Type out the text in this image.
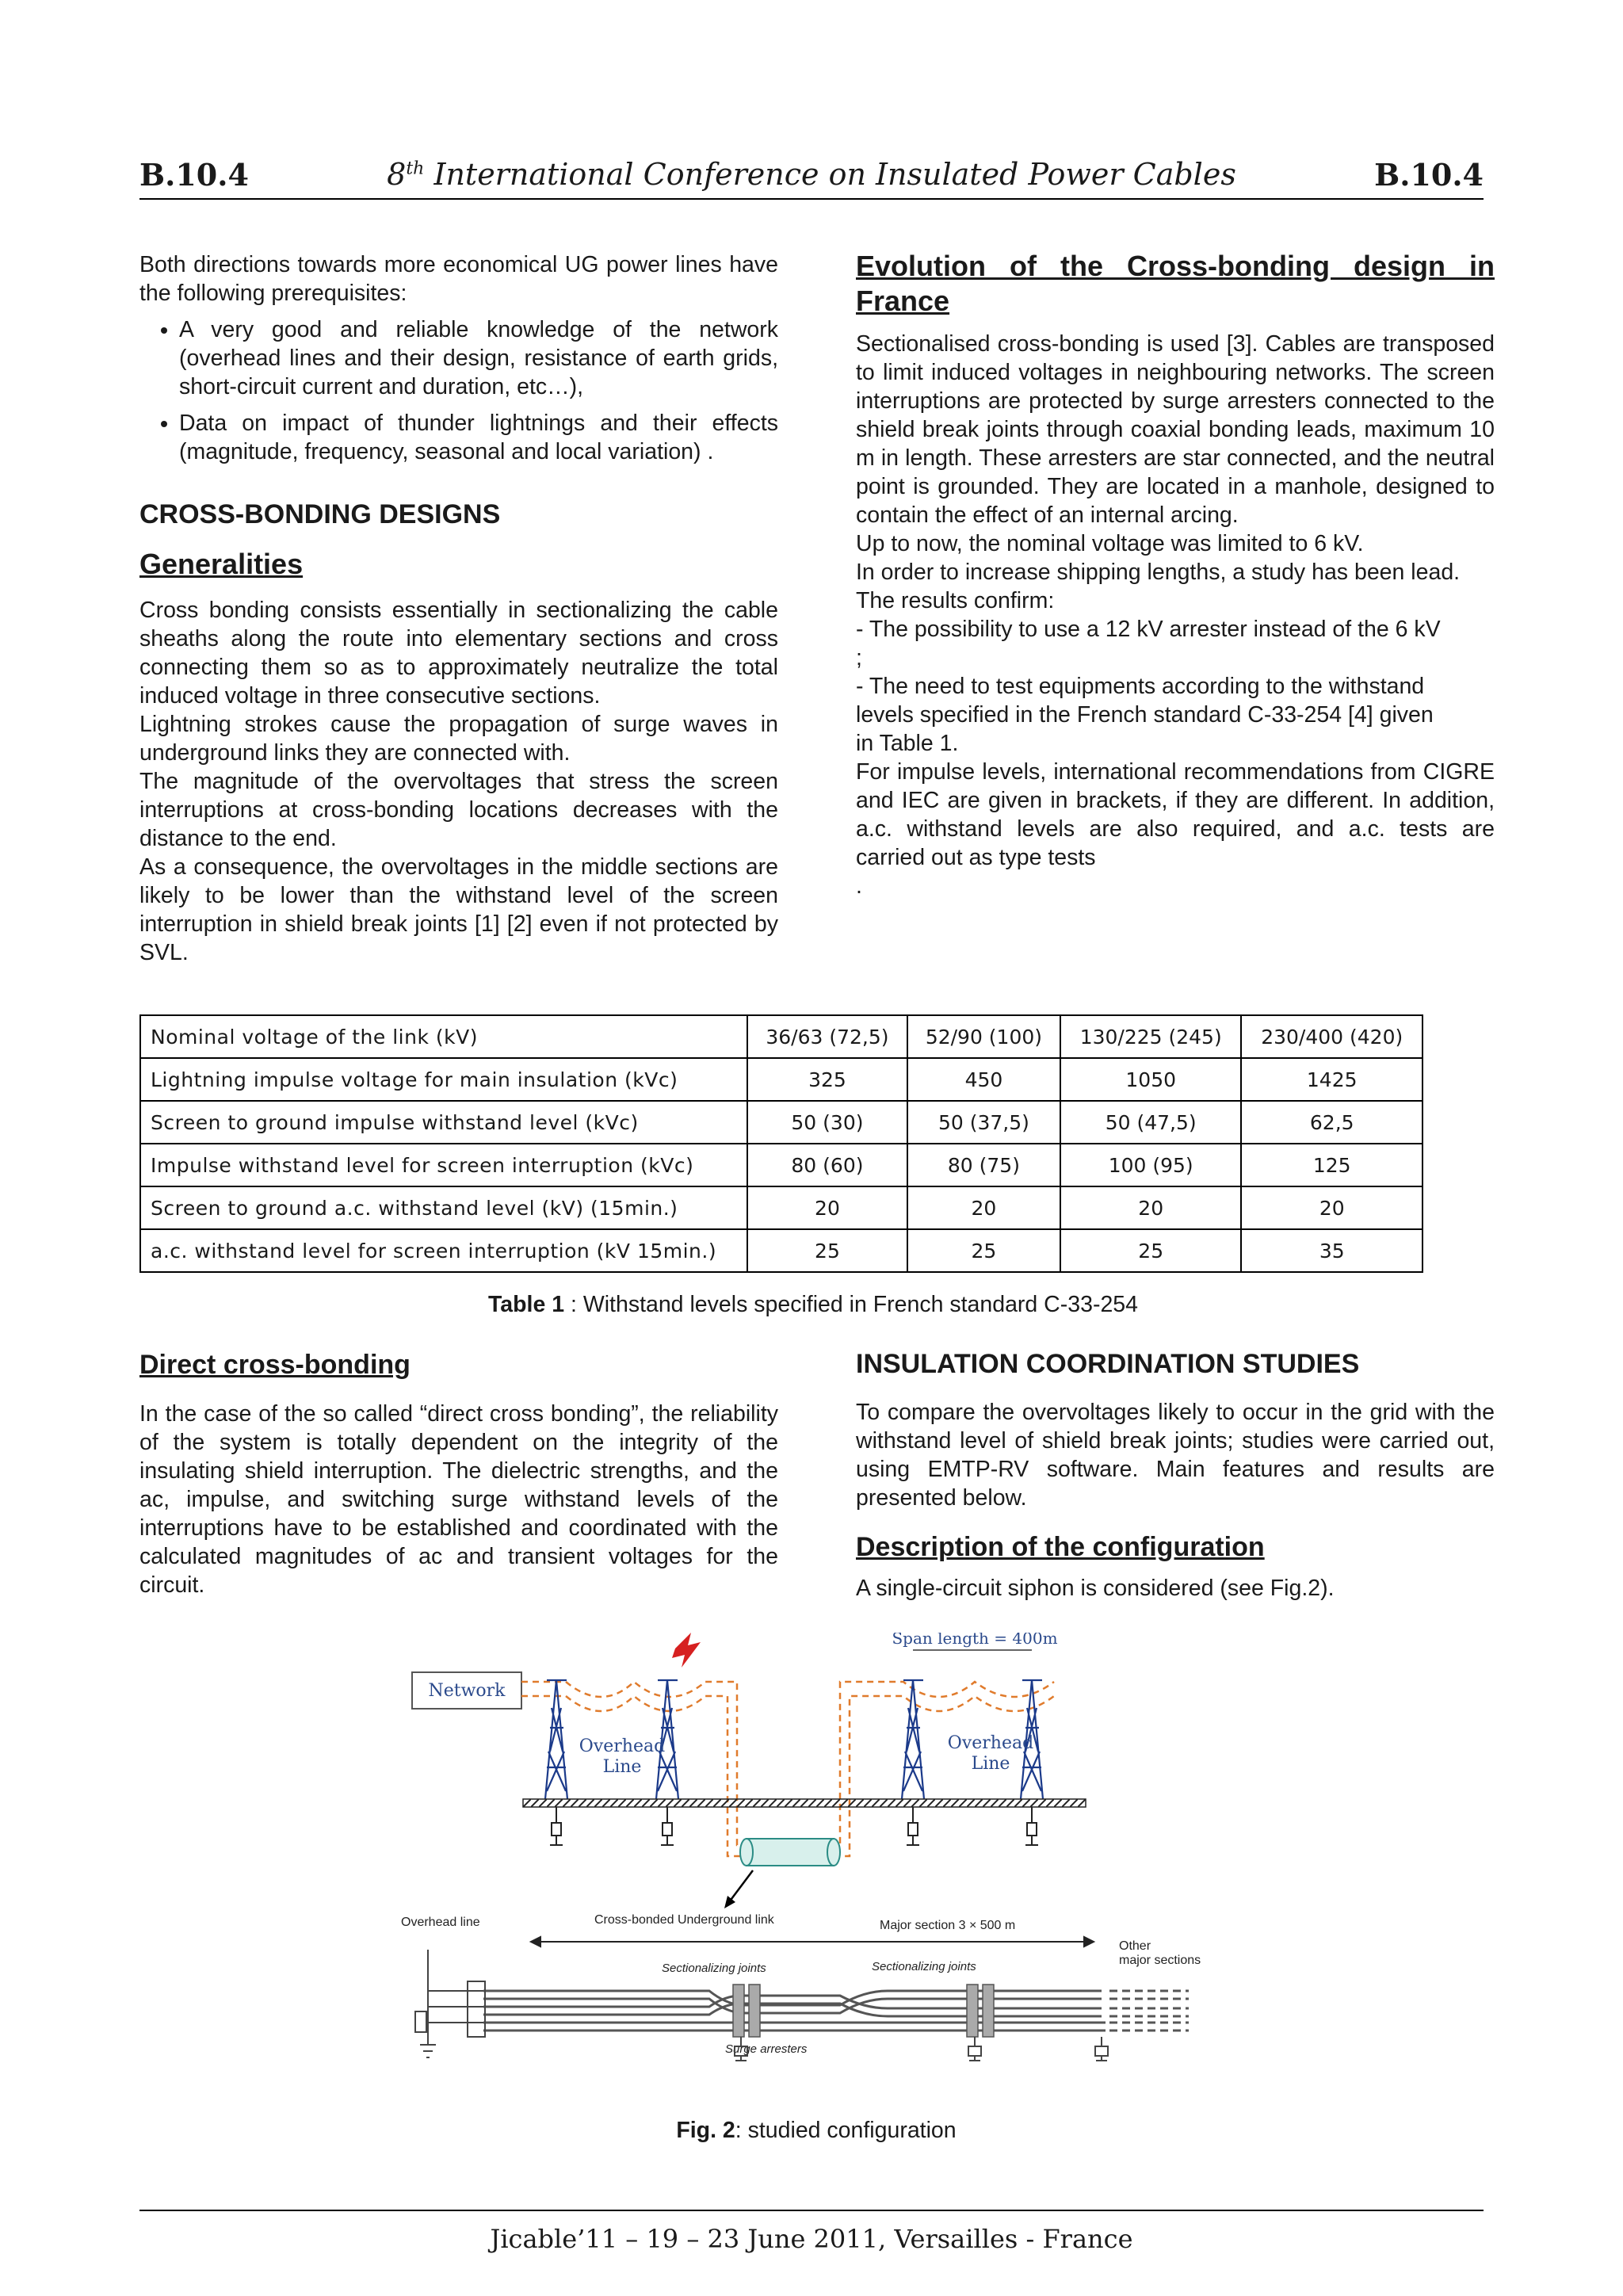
B.10.4	8th International Conference on Insulated Power Cables	B.10.4

Both directions towards more economical UG power lines have the following prerequisites:

• A very good and reliable knowledge of the network (overhead lines and their design, resistance of earth grids, short-circuit current and duration, etc…),
• Data on impact of thunder lightnings and their effects (magnitude, frequency, seasonal and local variation) .

CROSS-BONDING DESIGNS

Generalities

Cross bonding consists essentially in sectionalizing the cable sheaths along the route into elementary sections and cross connecting them so as to approximately neutralize the total induced voltage in three consecutive sections.

Lightning strokes cause the propagation of surge waves in underground links they are connected with.

The magnitude of the overvoltages that stress the screen interruptions at cross-bonding locations decreases with the distance to the end.

As a consequence, the overvoltages in the middle sections are likely to be lower than the withstand level of the screen interruption in shield break joints [1] [2] even if not protected by SVL.

Evolution of the Cross-bonding design in France

Sectionalised cross-bonding is used [3]. Cables are transposed to limit induced voltages in neighbouring networks. The screen interruptions are protected by surge arresters connected to the shield break joints through coaxial bonding leads, maximum 10 m in length. These arresters are star connected, and the neutral point is grounded. They are located in a manhole, designed to contain the effect of an internal arcing.

Up to now, the nominal voltage was limited to 6 kV.

In order to increase shipping lengths, a study has been lead.

The results confirm:

- The possibility to use a 12 kV arrester instead of the 6 kV ;

- The need to test equipments according to the withstand levels specified in the French standard C-33-254 [4] given in Table 1.

For impulse levels, international recommendations from CIGRE and IEC are given in brackets, if they are different. In addition, a.c. withstand levels are also required, and a.c. tests are carried out as type tests

.

Nominal voltage of the link (kV)	36/63 (72,5)	52/90 (100)	130/225 (245)	230/400 (420)
Lightning impulse voltage for main insulation (kVc)	325	450	1050	1425
Screen to ground impulse withstand level (kVc)	50 (30)	50 (37,5)	50 (47,5)	62,5
Impulse withstand level for screen interruption (kVc)	80 (60)	80 (75)	100 (95)	125
Screen to ground a.c. withstand level (kV) (15min.)	20	20	20	20
a.c. withstand level for screen interruption (kV 15min.)	25	25	25	35
Table 1 : Withstand levels specified in French standard C-33-254

Direct cross-bonding

In the case of the so called “direct cross bonding”, the reliability of the system is totally dependent on the integrity of the insulating shield interruption. The dielectric strengths, and the ac, impulse, and switching surge withstand levels of the interruptions have to be established and coordinated with the calculated magnitudes of ac and transient voltages for the circuit.

INSULATION COORDINATION STUDIES

To compare the overvoltages likely to occur in the grid with the withstand level of shield break joints; studies were carried out, using EMTP-RV software. Main features and results are presented below.

Description of the configuration

A single-circuit siphon is considered (see Fig.2).

Network
Overhead
Line
Overhead
Line
Span length = 400m
Overhead line	Cross-bonded Underground link	Major section 3 × 500 m
Other
major sections
Sectionalizing joints	Sectionalizing joints
Surge arresters
Fig. 2: studied configuration
Jicable’11 – 19 – 23 June 2011, Versailles - France
